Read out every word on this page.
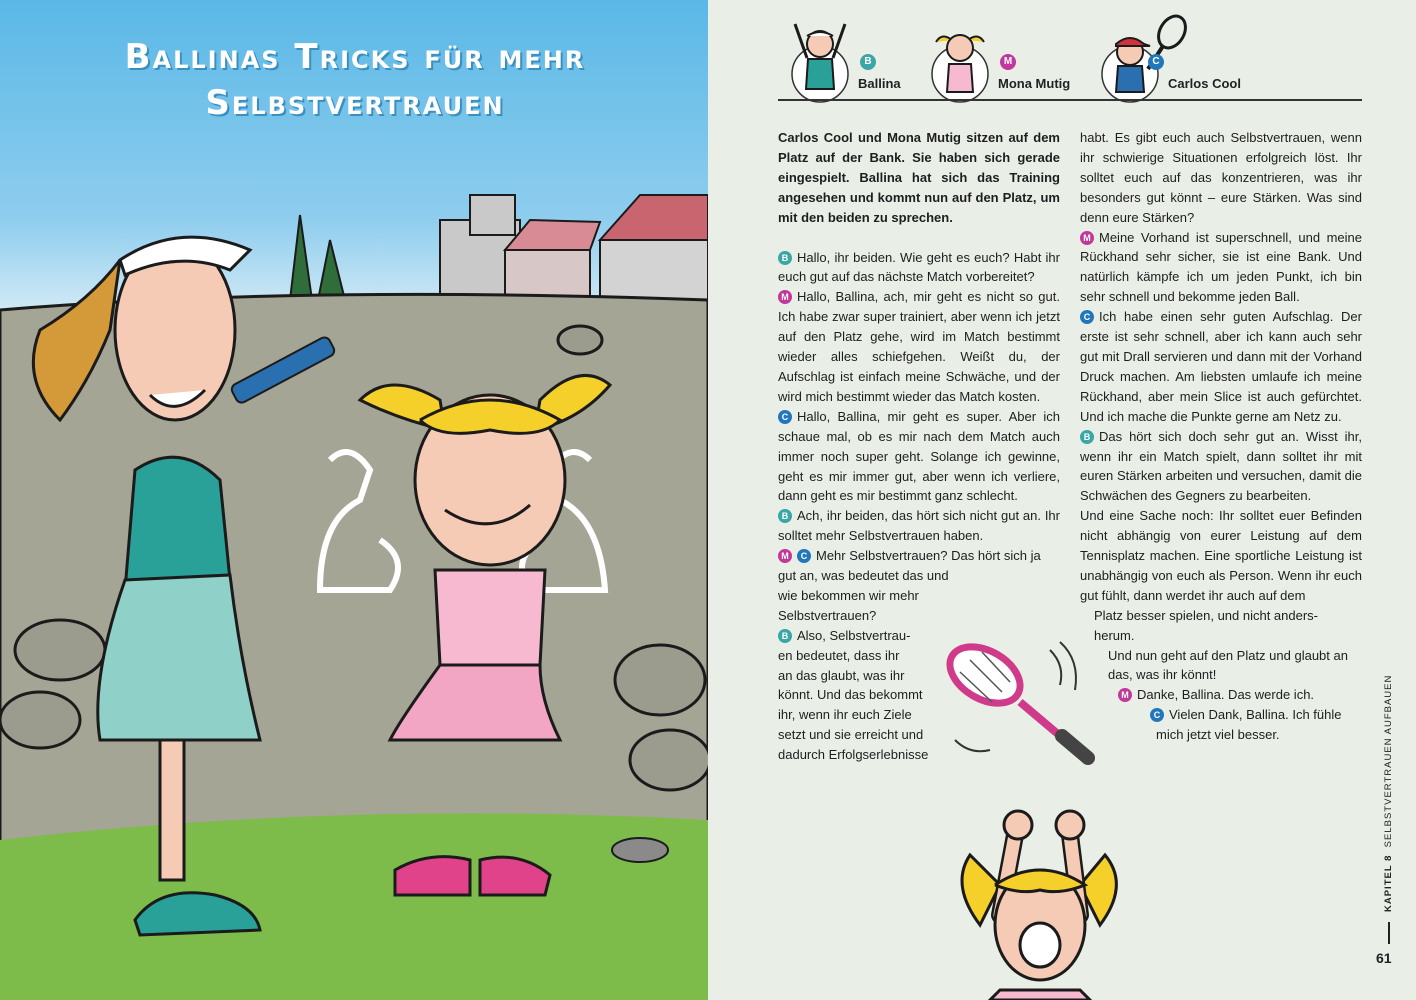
Ballinas Tricks für mehr
Selbstvertrauen
B
Ballina
M
Mona Mutig
C
Carlos Cool

Carlos Cool und Mona Mutig sitzen auf dem Platz auf der Bank. Sie haben sich gerade eingespielt. Ballina hat sich das Training angesehen und kommt nun auf den Platz, um mit den beiden zu sprechen.

B Hallo, ihr beiden. Wie geht es euch? Habt ihr euch gut auf das nächste Match vorbereitet?

M Hallo, Ballina, ach, mir geht es nicht so gut. Ich habe zwar super trainiert, aber wenn ich jetzt auf den Platz gehe, wird im Match bestimmt wieder alles schiefgehen. Weißt du, der Aufschlag ist einfach meine Schwäche, und der wird mich bestimmt wieder das Match kosten.

C Hallo, Ballina, mir geht es super. Aber ich schaue mal, ob es mir nach dem Match auch immer noch super geht. Solange ich gewinne, geht es mir immer gut, aber wenn ich verliere, dann geht es mir bestimmt ganz schlecht.

B Ach, ihr beiden, das hört sich nicht gut an. Ihr solltet mehr Selbstvertrauen haben.

M C Mehr Selbstvertrauen? Das hört sich ja gut an, was bedeutet das und

wie bekommen wir mehr

Selbstvertrauen?

B Also, Selbstvertrau-

en bedeutet, dass ihr

an das glaubt, was ihr

könnt. Und das bekommt

ihr, wenn ihr euch Ziele

setzt und sie erreicht und

dadurch Erfolgserlebnisse

habt. Es gibt euch auch Selbstvertrauen, wenn ihr schwierige Situationen erfolgreich löst. Ihr solltet euch auf das konzentrieren, was ihr besonders gut könnt – eure Stärken. Was sind denn eure Stärken?

M Meine Vorhand ist superschnell, und meine Rückhand sehr sicher, sie ist eine Bank. Und natürlich kämpfe ich um jeden Punkt, ich bin sehr schnell und bekomme jeden Ball.

C Ich habe einen sehr guten Aufschlag. Der erste ist sehr schnell, aber ich kann auch sehr gut mit Drall servieren und dann mit der Vorhand Druck machen. Am liebsten umlaufe ich meine Rückhand, aber mein Slice ist auch gefürchtet. Und ich mache die Punkte gerne am Netz zu.

B Das hört sich doch sehr gut an. Wisst ihr, wenn ihr ein Match spielt, dann solltet ihr mit euren Stärken arbeiten und versuchen, damit die Schwächen des Gegners zu bearbeiten.

Und eine Sache noch: Ihr solltet euer Befinden nicht abhängig von eurer Leistung auf dem Tennisplatz machen. Eine sportliche Leistung ist unabhängig von euch als Person. Wenn ihr euch gut fühlt, dann werdet ihr auch auf dem

Platz besser spielen, und nicht anders-

herum.

Und nun geht auf den Platz und glaubt an

das, was ihr könnt!

M Danke, Ballina. Das werde ich.

C Vielen Dank, Ballina. Ich fühle

mich jetzt viel besser.

KAPITEL 8  SELBSTVERTRAUEN AUFBAUEN
61
